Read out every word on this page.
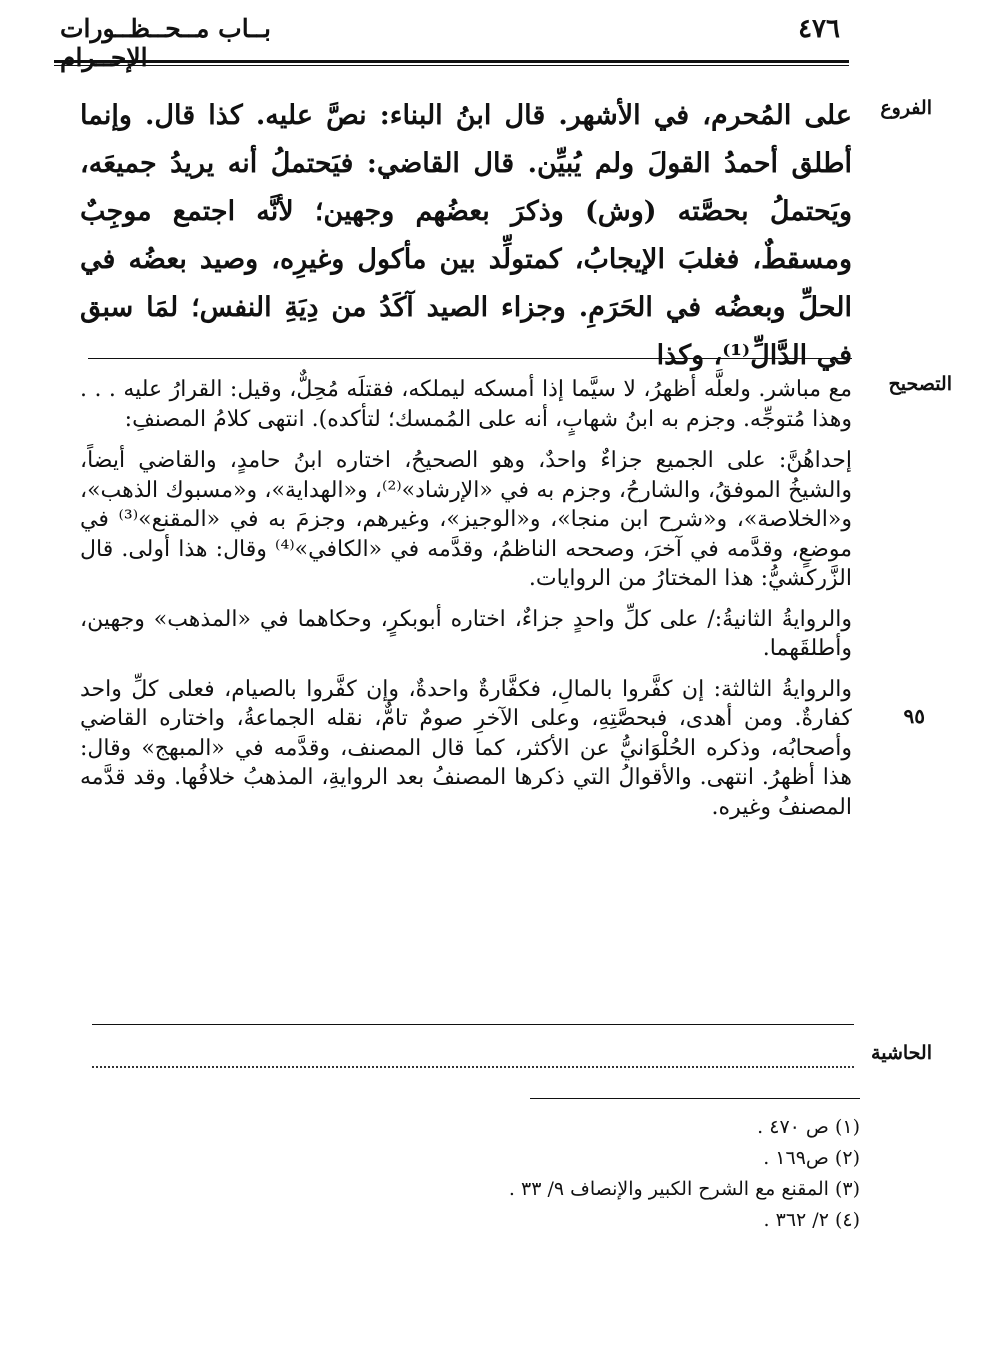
بــاب مــحــظــورات الإحــرام
٤٧٦
الفروع
على المُحرم، في الأشهر. قال ابنُ البناء: نصَّ عليه. كذا قال. وإنما أطلق أحمدُ القولَ ولم يُبيِّن. قال القاضي: فيَحتملُ أنه يريدُ جميعَه، ويَحتملُ بحصَّته (وش) وذكرَ بعضُهم وجهين؛ لأنَّه اجتمع موجِبٌ ومسقطٌ، فغلبَ الإيجابُ، كمتولِّد بين مأكول وغيرِه، وصيد بعضُه في الحلِّ وبعضُه في الحَرَمِ. وجزاء الصيد آكَدُ من دِيَةِ النفس؛ لمَا سبق في الدَّالِّ⁽¹⁾، وكذا
التصحيح
٩٥

مع مباشر. ولعلَّه أظهرُ، لا سيَّما إذا أمسكه ليملكه، فقتلَه مُحِلٌّ، وقيل: القرارُ عليه . . . وهذا مُتوجِّه. وجزم به ابنُ شهابٍ، أنه على المُمسك؛ لتأكده). انتهى كلامُ المصنفِ:

إحداهُنَّ: على الجميع جزاءٌ واحدٌ، وهو الصحيحُ، اختاره ابنُ حامدٍ، والقاضي أيضاً، والشيخُ الموفقُ، والشارحُ، وجزم به في «الإرشاد»⁽²⁾، و«الهداية»، و«مسبوك الذهب»، و«الخلاصة»، و«شرح ابن منجا»، و«الوجيز»، وغيرهم، وجزمَ به في «المقنع»⁽³⁾ في موضعٍ، وقدَّمه في آخرَ، وصححه الناظمُ، وقدَّمه في «الكافي»⁽⁴⁾ وقال: هذا أولى. قال الزَّركشيُّ: هذا المختارُ من الروايات.

والروايةُ الثانيةُ:/ على كلِّ واحدٍ جزاءٌ، اختاره أبوبكرٍ، وحكاهما في «المذهب» وجهين، وأطلقَهما.

والروايةُ الثالثة: إن كفَّروا بالمالِ، فكفَّارةٌ واحدةٌ، وإن كفَّروا بالصيام، فعلى كلِّ واحد كفارةٌ. ومن أهدى، فبحصَّتِهِ، وعلى الآخرِ صومٌ تامٌّ، نقله الجماعةُ، واختاره القاضي وأصحابُه، وذكره الحُلْوَانيُّ عن الأكثر، كما قال المصنف، وقدَّمه في «المبهج» وقال: هذا أظهرُ. انتهى. والأقوالُ التي ذكرها المصنفُ بعد الروايةِ، المذهبُ خلافُها. وقد قدَّمه المصنفُ وغيره.

الحاشية
(١) ص ٤٧٠ .
(٢) ص١٦٩ .
(٣) المقنع مع الشرح الكبير والإنصاف ٩/ ٣٣ .
(٤) ٢/ ٣٦٢ .
